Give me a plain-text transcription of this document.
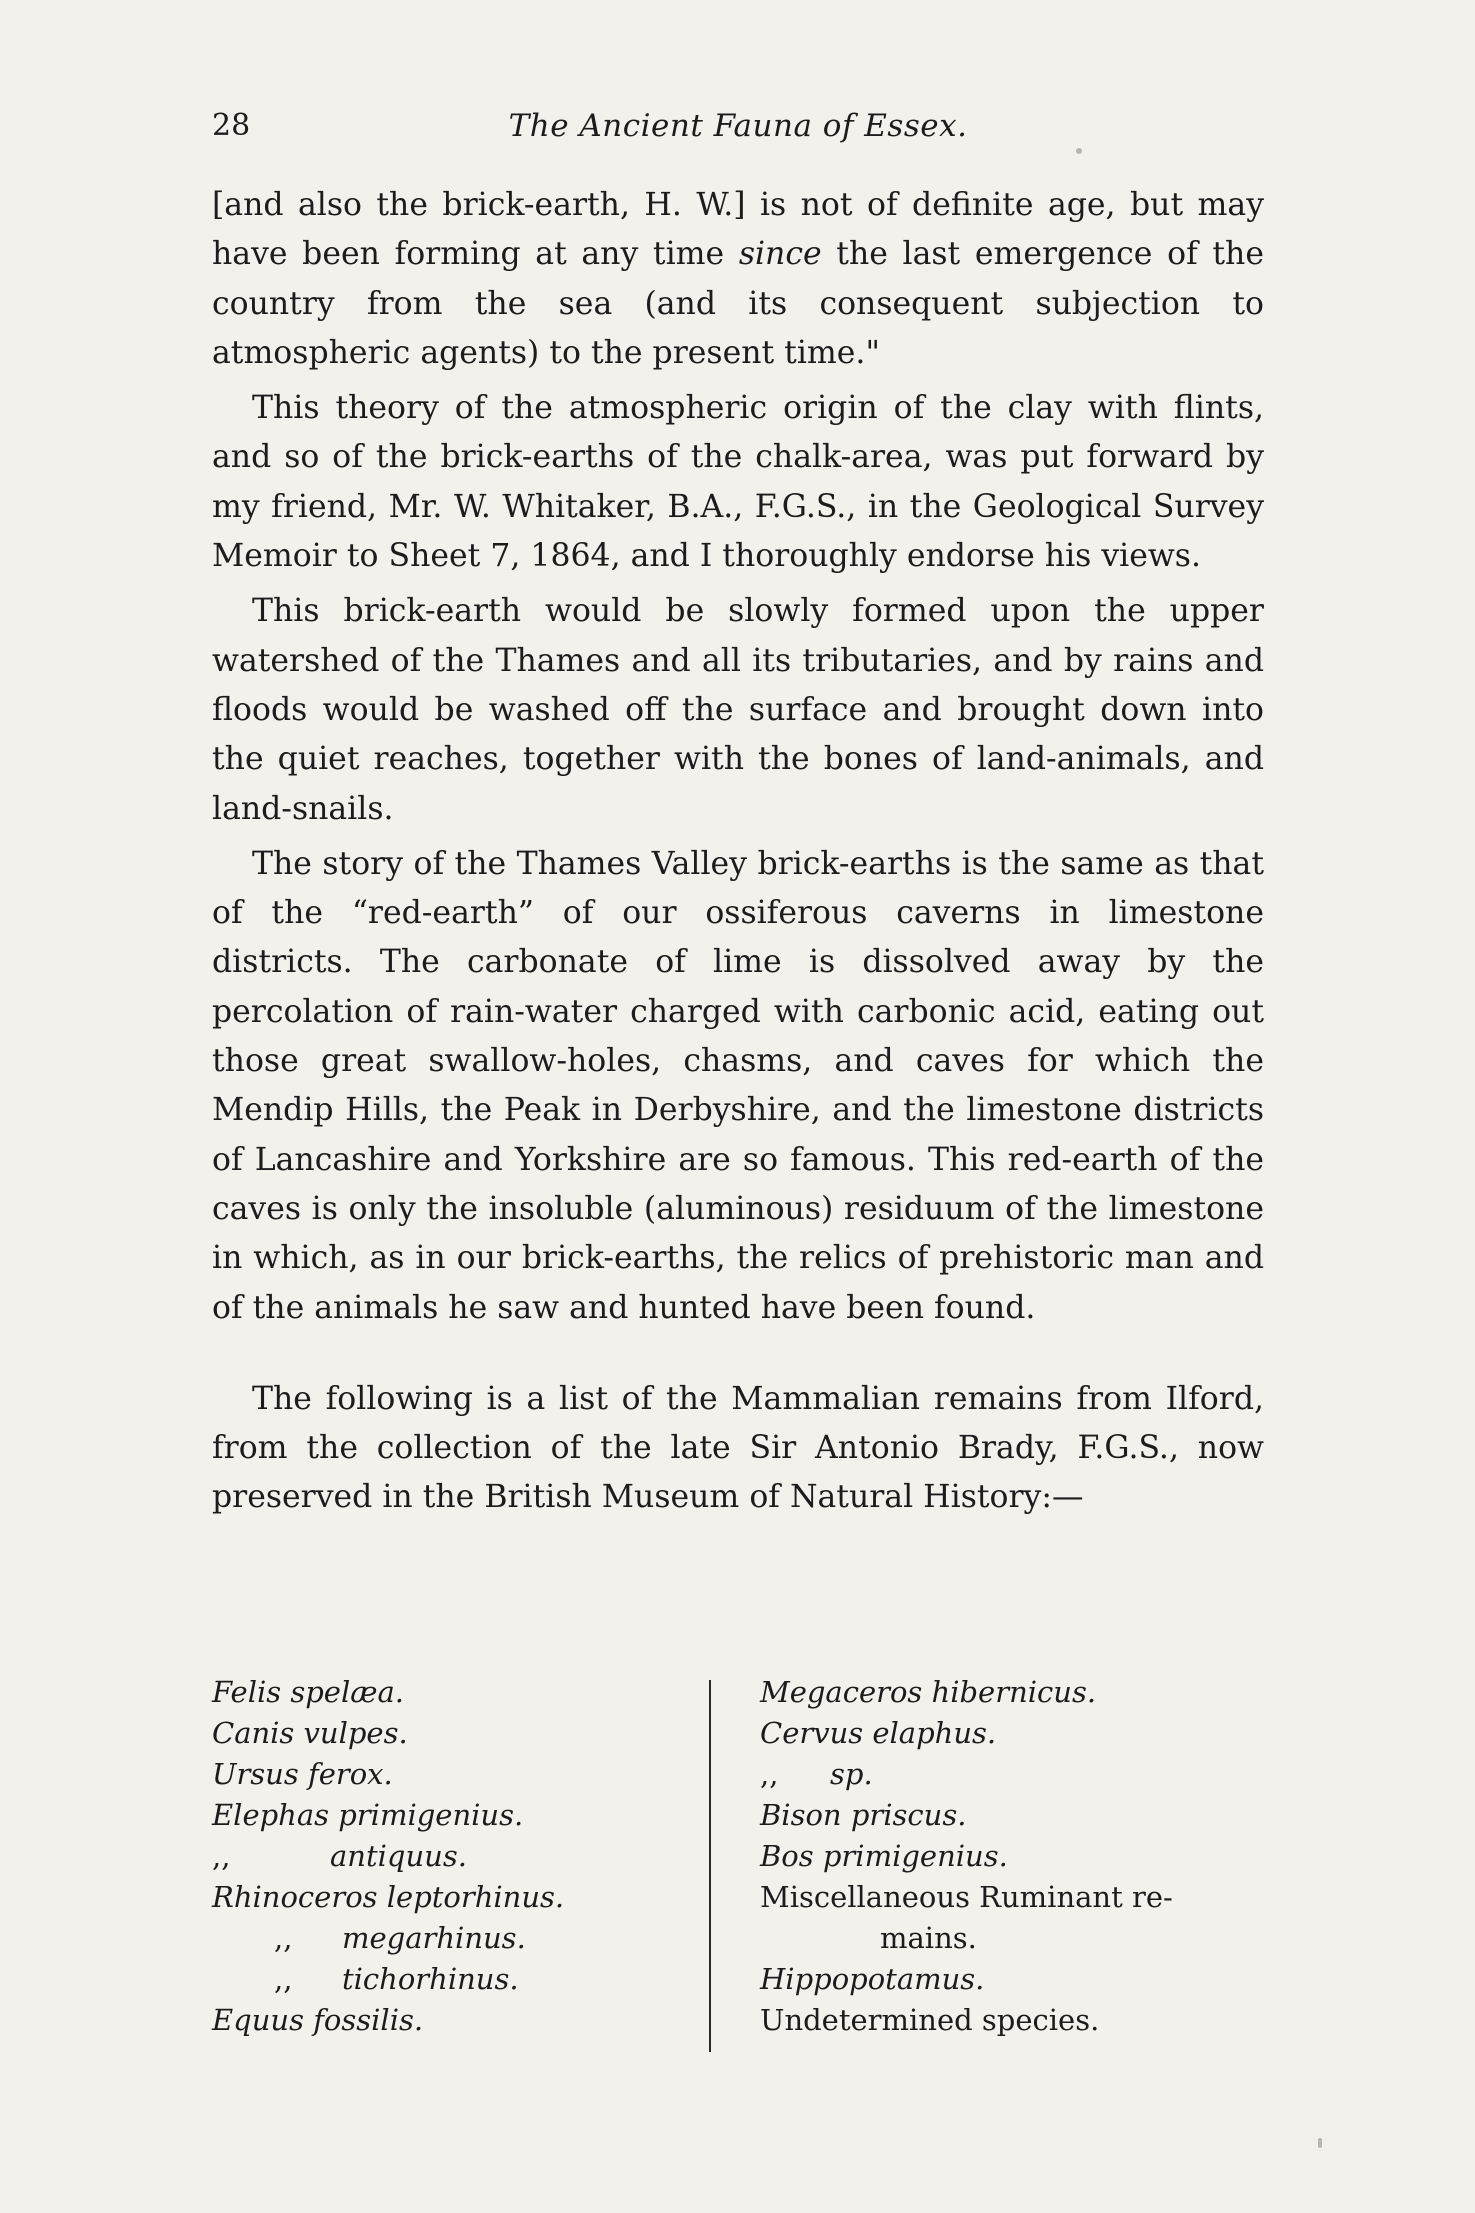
28	The Ancient Fauna of Essex.

[and also the brick-earth, H. W.] is not of definite age, but may have been forming at any time since the last emergence of the country from the sea (and its consequent subjection to atmospheric agents) to the present time."

This theory of the atmospheric origin of the clay with flints, and so of the brick-earths of the chalk-area, was put forward by my friend, Mr. W. Whitaker, B.A., F.G.S., in the Geological Survey Memoir to Sheet 7, 1864, and I thoroughly endorse his views.

This brick-earth would be slowly formed upon the upper watershed of the Thames and all its tributaries, and by rains and floods would be washed off the surface and brought down into the quiet reaches, together with the bones of land-animals, and land-snails.

The story of the Thames Valley brick-earths is the same as that of the “red-earth” of our ossiferous caverns in limestone districts. The carbonate of lime is dissolved away by the percolation of rain-water charged with carbonic acid, eating out those great swallow-holes, chasms, and caves for which the Mendip Hills, the Peak in Derbyshire, and the limestone districts of Lancashire and Yorkshire are so famous. This red-earth of the caves is only the insoluble (aluminous) residuum of the limestone in which, as in our brick-earths, the relics of prehistoric man and of the animals he saw and hunted have been found.

The following is a list of the Mammalian remains from Ilford, from the collection of the late Sir Antonio Brady, F.G.S., now preserved in the British Museum of Natural History:—

Felis spelæa.
Canis vulpes.
Ursus ferox.
Elephas primigenius.
,,	antiquus.
Rhinoceros leptorhinus.
,, megarhinus.
,, tichorhinus.
Equus fossilis.
Megaceros hibernicus.
Cervus elaphus.
,, sp.
Bison priscus.
Bos primigenius.
Miscellaneous Ruminant re-
mains.
Hippopotamus.
Undetermined species.
